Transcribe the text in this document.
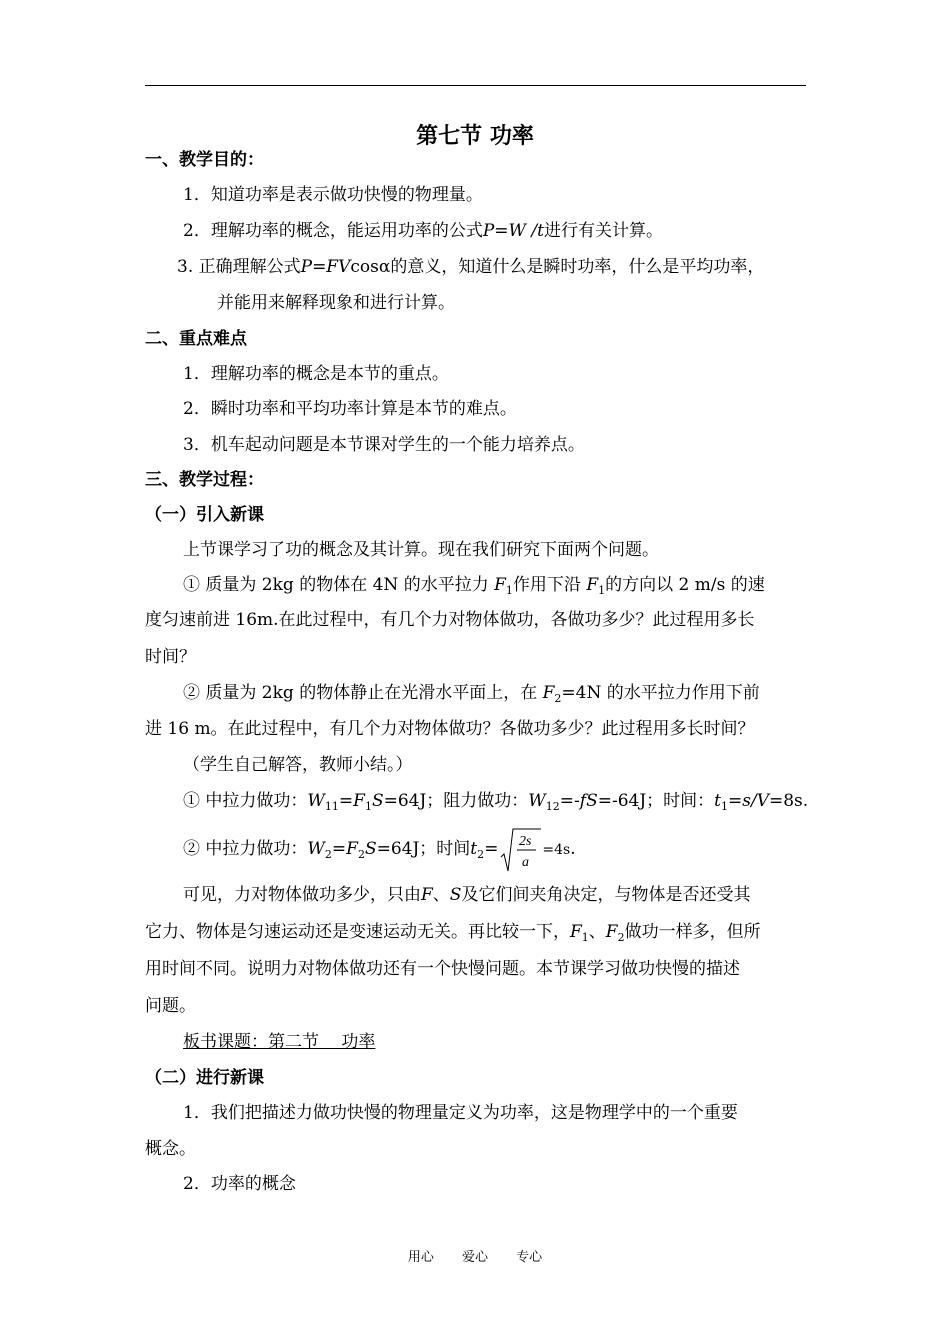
第七节 功率
一、教学目的：
1．知道功率是表示做功快慢的物理量。
2．理解功率的概念，能运用功率的公式P=W /t进行有关计算。
3. 正确理解公式P=FVcosα的意义，知道什么是瞬时功率，什么是平均功率，
并能用来解释现象和进行计算。
二、重点难点
1．理解功率的概念是本节的重点。
2．瞬时功率和平均功率计算是本节的难点。
3．机车起动问题是本节课对学生的一个能力培养点。
三、教学过程：
（一）引入新课
上节课学习了功的概念及其计算。现在我们研究下面两个问题。
① 质量为 2kg 的物体在 4N 的水平拉力 $F_1$作用下沿 $F_1$的方向以 2 m/s 的速
度匀速前进 16m.在此过程中，有几个力对物体做功，各做功多少？此过程用多长
时间？
② 质量为 2kg 的物体静止在光滑水平面上，在 $F_2=4N$ 的水平拉力作用下前
进 16 m。在此过程中，有几个力对物体做功？各做功多少？此过程用多长时间？
（学生自己解答，教师小结。）
① 中拉力做功：$W_{11}=F_1S=64J$；阻力做功：$W_{12}=-fS=-64J$；时间：$t_1=s/V=8s$.
② 中拉力做功：$W_2=F_2S=64J$；时间$t_2= 2s$
a
=4s.
可见，力对物体做功多少，只由F、S及它们间夹角决定，与物体是否还受其
它力、物体是匀速运动还是变速运动无关。再比较一下，$F_1$、$F_2$做功一样多，但所
用时间不同。说明力对物体做功还有一个快慢问题。本节课学习做功快慢的描述
问题。
板书课题：第二节　 功率
（二）进行新课
1．我们把描述力做功快慢的物理量定义为功率，这是物理学中的一个重要
概念。
2．功率的概念
用心 爱心 专心
